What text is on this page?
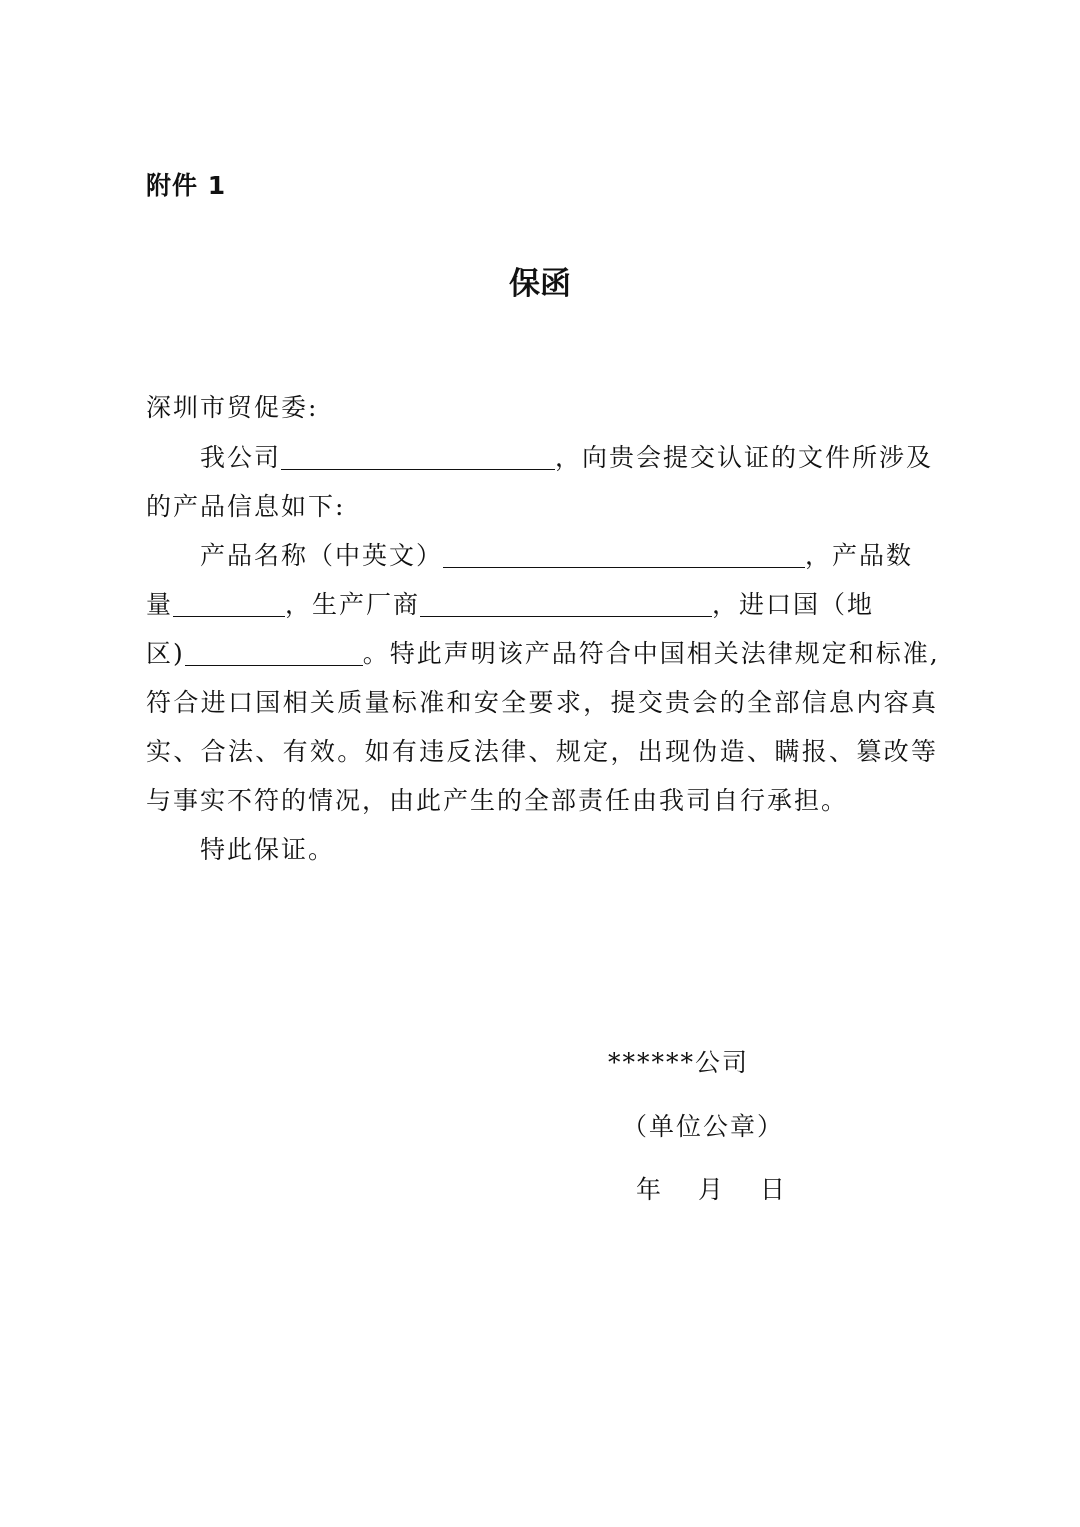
附件 1
保函
深圳市贸促委:
我公司	，向贵会提交认证的文件所涉及
的产品信息如下:
产品名称（中英文）	，产品数
量	，生产厂商	，进口国（地
区)	。特此声明该产品符合中国相关法律规定和标准,
符合进口国相关质量标准和安全要求，提交贵会的全部信息内容真
实、合法、有效。如有违反法律、规定，出现伪造、瞒报、篡改等
与事实不符的情况，由此产生的全部责任由我司自行承担。
特此保证。
******公司
（单位公章）
年　月　日
